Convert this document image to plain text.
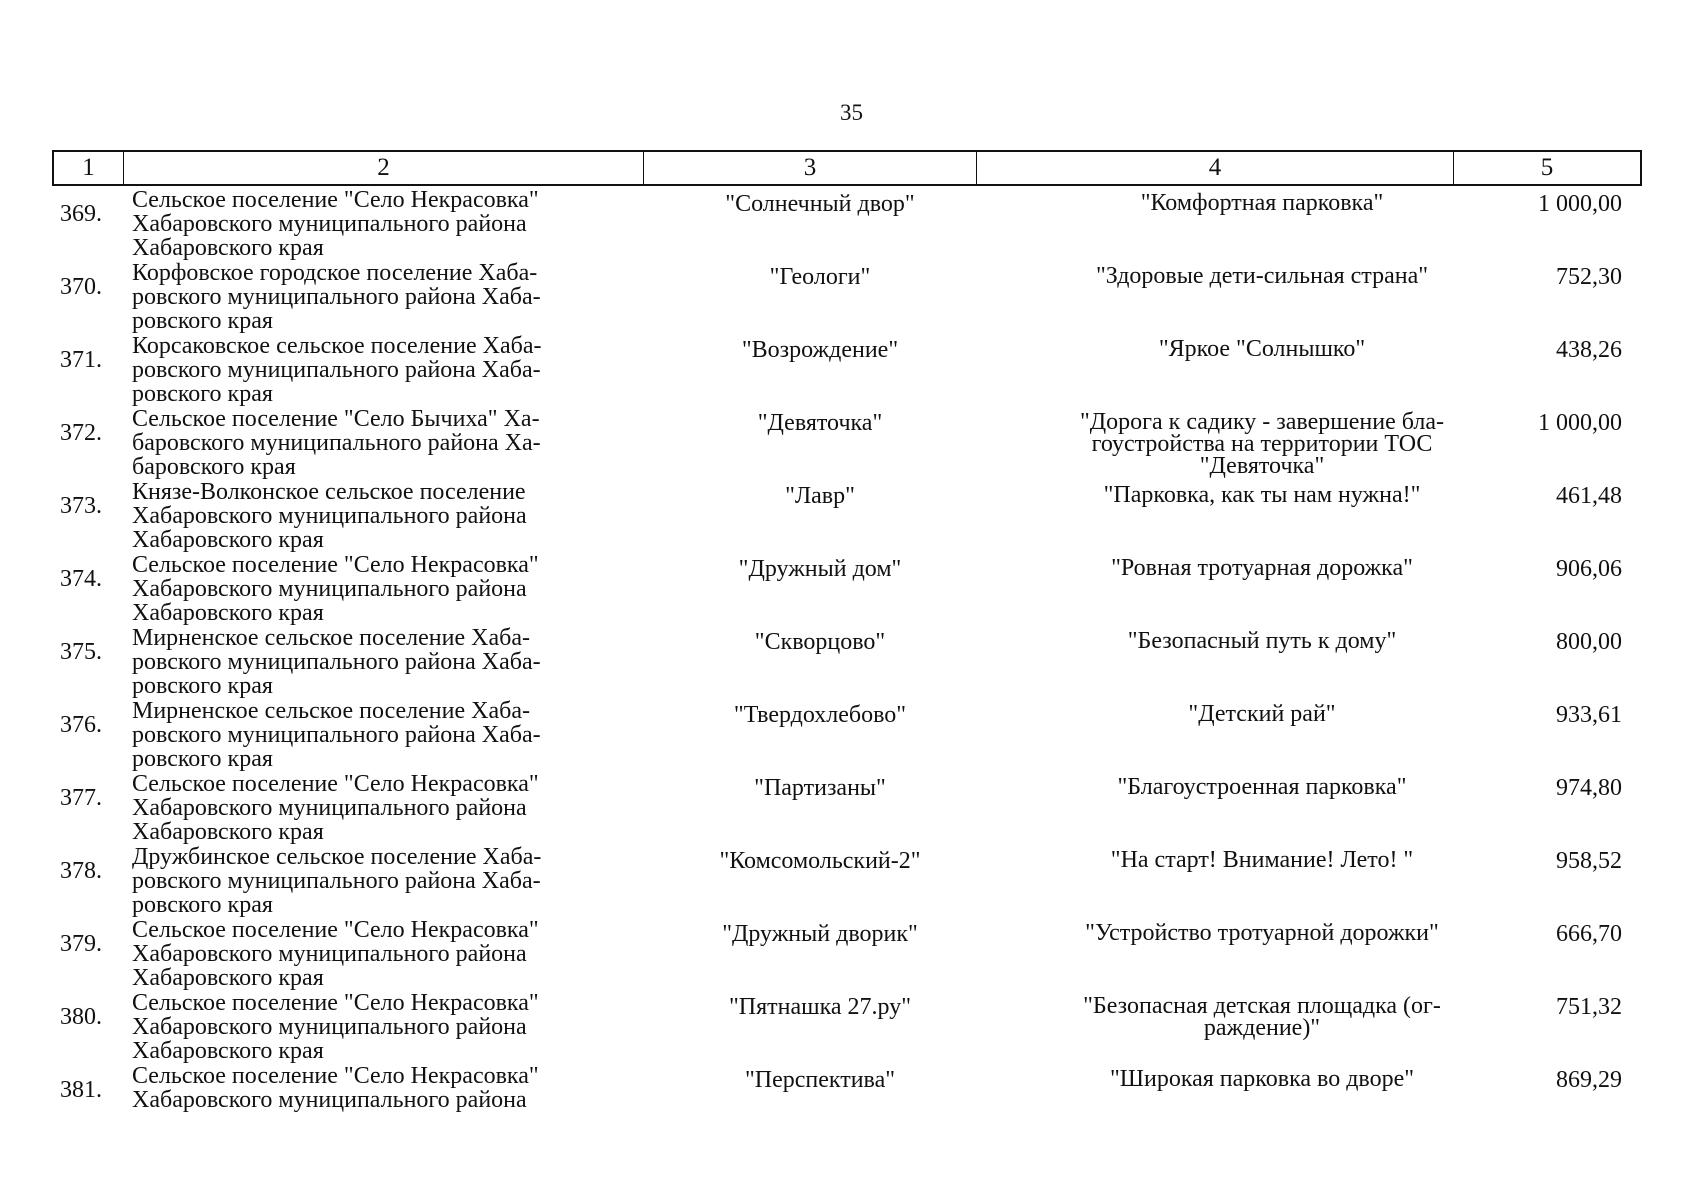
35
1	2	3	4	5
369.
Сельское поселение "Село Некрасовка"
Хабаровского муниципального района
Хабаровского края
"Солнечный двор"	"Комфортная парковка"	1 000,00
370.
Корфовское городское поселение Хаба-
ровского муниципального района Хаба-
ровского края
"Геологи"	"Здоровые дети-сильная страна"	752,30
371.
Корсаковское сельское поселение Хаба-
ровского муниципального района Хаба-
ровского края
"Возрождение"	"Яркое "Солнышко"	438,26
372.
Сельское поселение "Село Бычиха" Ха-
баровского муниципального района Ха-
баровского края
"Девяточка"	"Дорога к садику - завершение бла-
гоустройства на территории ТОС
"Девяточка"
1 000,00
373.
Князе-Волконское сельское поселение
Хабаровского муниципального района
Хабаровского края
"Лавр"	"Парковка, как ты нам нужна!"	461,48
374.
Сельское поселение "Село Некрасовка"
Хабаровского муниципального района
Хабаровского края
"Дружный дом"	"Ровная тротуарная дорожка"	906,06
375.
Мирненское сельское поселение Хаба-
ровского муниципального района Хаба-
ровского края
"Скворцово"	"Безопасный путь к дому"	800,00
376.
Мирненское сельское поселение Хаба-
ровского муниципального района Хаба-
ровского края
"Твердохлебово"	"Детский рай"	933,61
377.
Сельское поселение "Село Некрасовка"
Хабаровского муниципального района
Хабаровского края
"Партизаны"	"Благоустроенная парковка"	974,80
378.
Дружбинское сельское поселение Хаба-
ровского муниципального района Хаба-
ровского края
"Комсомольский-2"	"На старт! Внимание! Лето! "	958,52
379.
Сельское поселение "Село Некрасовка"
Хабаровского муниципального района
Хабаровского края
"Дружный дворик"	"Устройство тротуарной дорожки"	666,70
380.
Сельское поселение "Село Некрасовка"
Хабаровского муниципального района
Хабаровского края
"Пятнашка 27.ру"	"Безопасная детская площадка (ог-
раждение)"
751,32
381.
Сельское поселение "Село Некрасовка"
Хабаровского муниципального района
"Перспектива"	"Широкая парковка во дворе"	869,29
